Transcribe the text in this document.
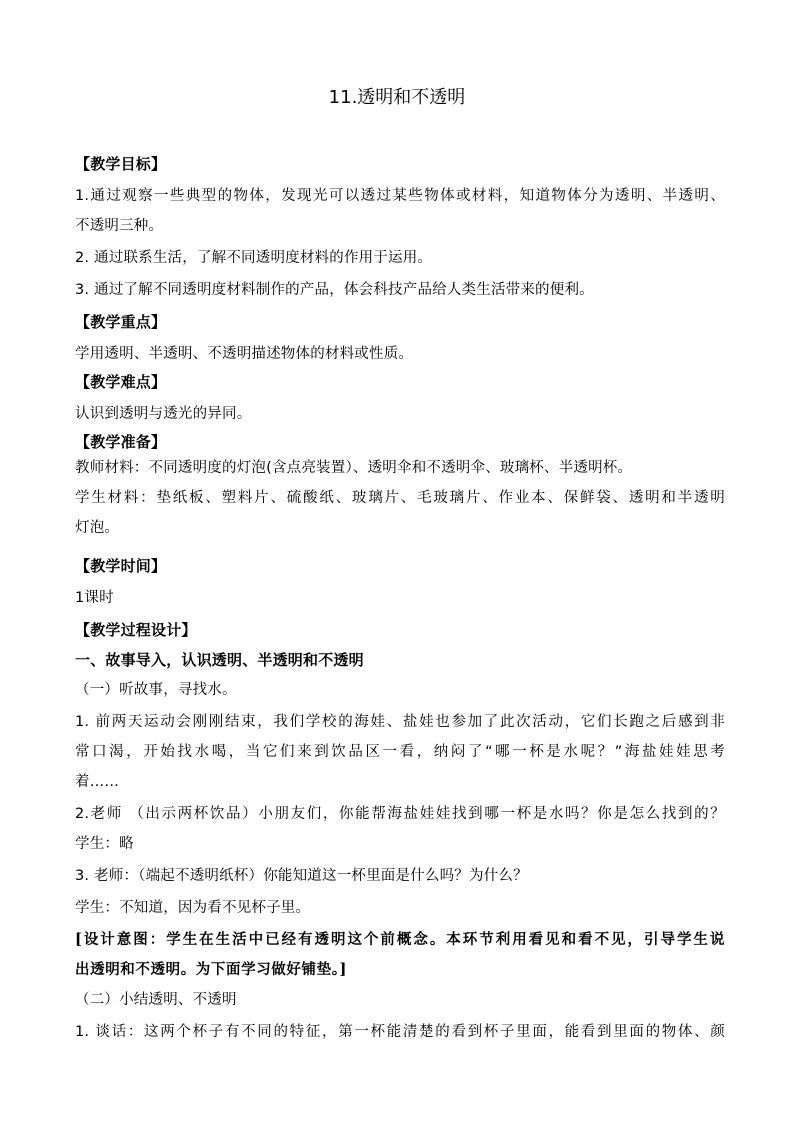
11.透明和不透明
【教学目标】
1.通过观察一些典型的物体，发现光可以透过某些物体或材料，知道物体分为透明、半透明、
不透明三种。
2. 通过联系生活，了解不同透明度材料的作用于运用。
3. 通过了解不同透明度材料制作的产品，体会科技产品给人类生活带来的便利。
【教学重点】
学用透明、半透明、不透明描述物体的材料或性质。
【教学难点】
认识到透明与透光的异同。
【教学准备】
教师材料：不同透明度的灯泡(含点亮装置）、透明伞和不透明伞、玻璃杯、半透明杯。
学生材料：垫纸板、塑料片、硫酸纸、玻璃片、毛玻璃片、作业本、保鲜袋、透明和半透明
灯泡。
【教学时间】
1课时
【教学过程设计】
一、故事导入，认识透明、半透明和不透明
（一）听故事，寻找水。
1. 前两天运动会刚刚结束，我们学校的海娃、盐娃也参加了此次活动，它们长跑之后感到非
常口渴，开始找水喝，当它们来到饮品区一看，纳闷了“哪一杯是水呢？”海盐娃娃思考
着……
2.老师 （出示两杯饮品）小朋友们，你能帮海盐娃娃找到哪一杯是水吗？你是怎么找到的？
学生：略
3. 老师：（端起不透明纸杯）你能知道这一杯里面是什么吗？为什么？
学生：不知道，因为看不见杯子里。
[设计意图：学生在生活中已经有透明这个前概念。本环节利用看见和看不见，引导学生说
出透明和不透明。为下面学习做好铺垫。]
（二）小结透明、不透明
1. 谈话：这两个杯子有不同的特征，第一杯能清楚的看到杯子里面，能看到里面的物体、颜
